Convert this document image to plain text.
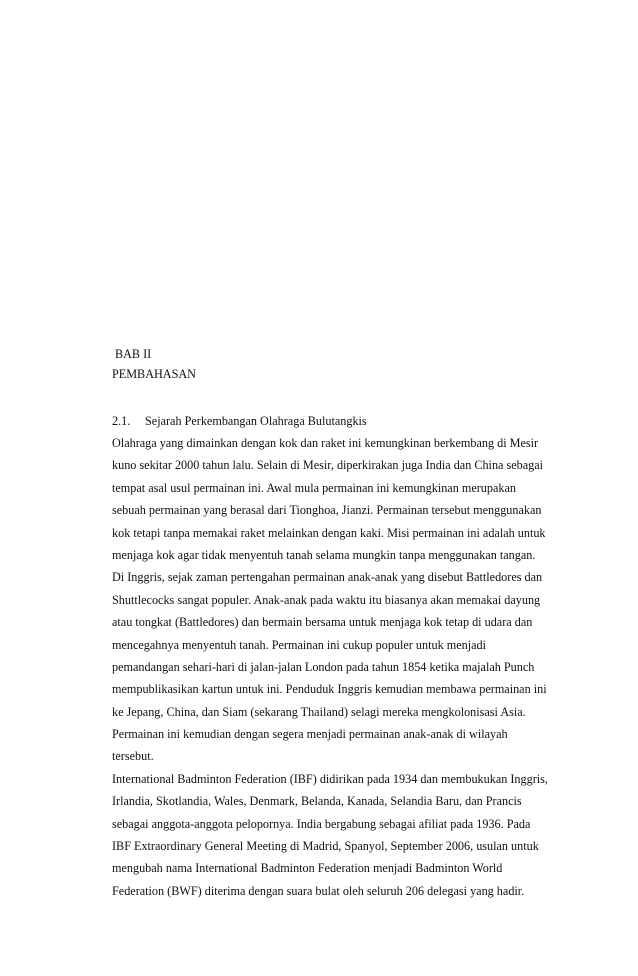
BAB II
PEMBAHASAN
2.1. Sejarah Perkembangan Olahraga Bulutangkis
Olahraga yang dimainkan dengan kok dan raket ini kemungkinan berkembang di Mesir
kuno sekitar 2000 tahun lalu. Selain di Mesir, diperkirakan juga India dan China sebagai
tempat asal usul permainan ini. Awal mula permainan ini kemungkinan merupakan
sebuah permainan yang berasal dari Tionghoa, Jianzi. Permainan tersebut menggunakan
kok tetapi tanpa memakai raket melainkan dengan kaki. Misi permainan ini adalah untuk
menjaga kok agar tidak menyentuh tanah selama mungkin tanpa menggunakan tangan.
Di Inggris, sejak zaman pertengahan permainan anak-anak yang disebut Battledores dan
Shuttlecocks sangat populer. Anak-anak pada waktu itu biasanya akan memakai dayung
atau tongkat (Battledores) dan bermain bersama untuk menjaga kok tetap di udara dan
mencegahnya menyentuh tanah. Permainan ini cukup populer untuk menjadi
pemandangan sehari-hari di jalan-jalan London pada tahun 1854 ketika majalah Punch
mempublikasikan kartun untuk ini. Penduduk Inggris kemudian membawa permainan ini
ke Jepang, China, dan Siam (sekarang Thailand) selagi mereka mengkolonisasi Asia.
Permainan ini kemudian dengan segera menjadi permainan anak-anak di wilayah
tersebut.
International Badminton Federation (IBF) didirikan pada 1934 dan membukukan Inggris,
Irlandia, Skotlandia, Wales, Denmark, Belanda, Kanada, Selandia Baru, dan Prancis
sebagai anggota-anggota pelopornya. India bergabung sebagai afiliat pada 1936. Pada
IBF Extraordinary General Meeting di Madrid, Spanyol, September 2006, usulan untuk
mengubah nama International Badminton Federation menjadi Badminton World
Federation (BWF) diterima dengan suara bulat oleh seluruh 206 delegasi yang hadir.
